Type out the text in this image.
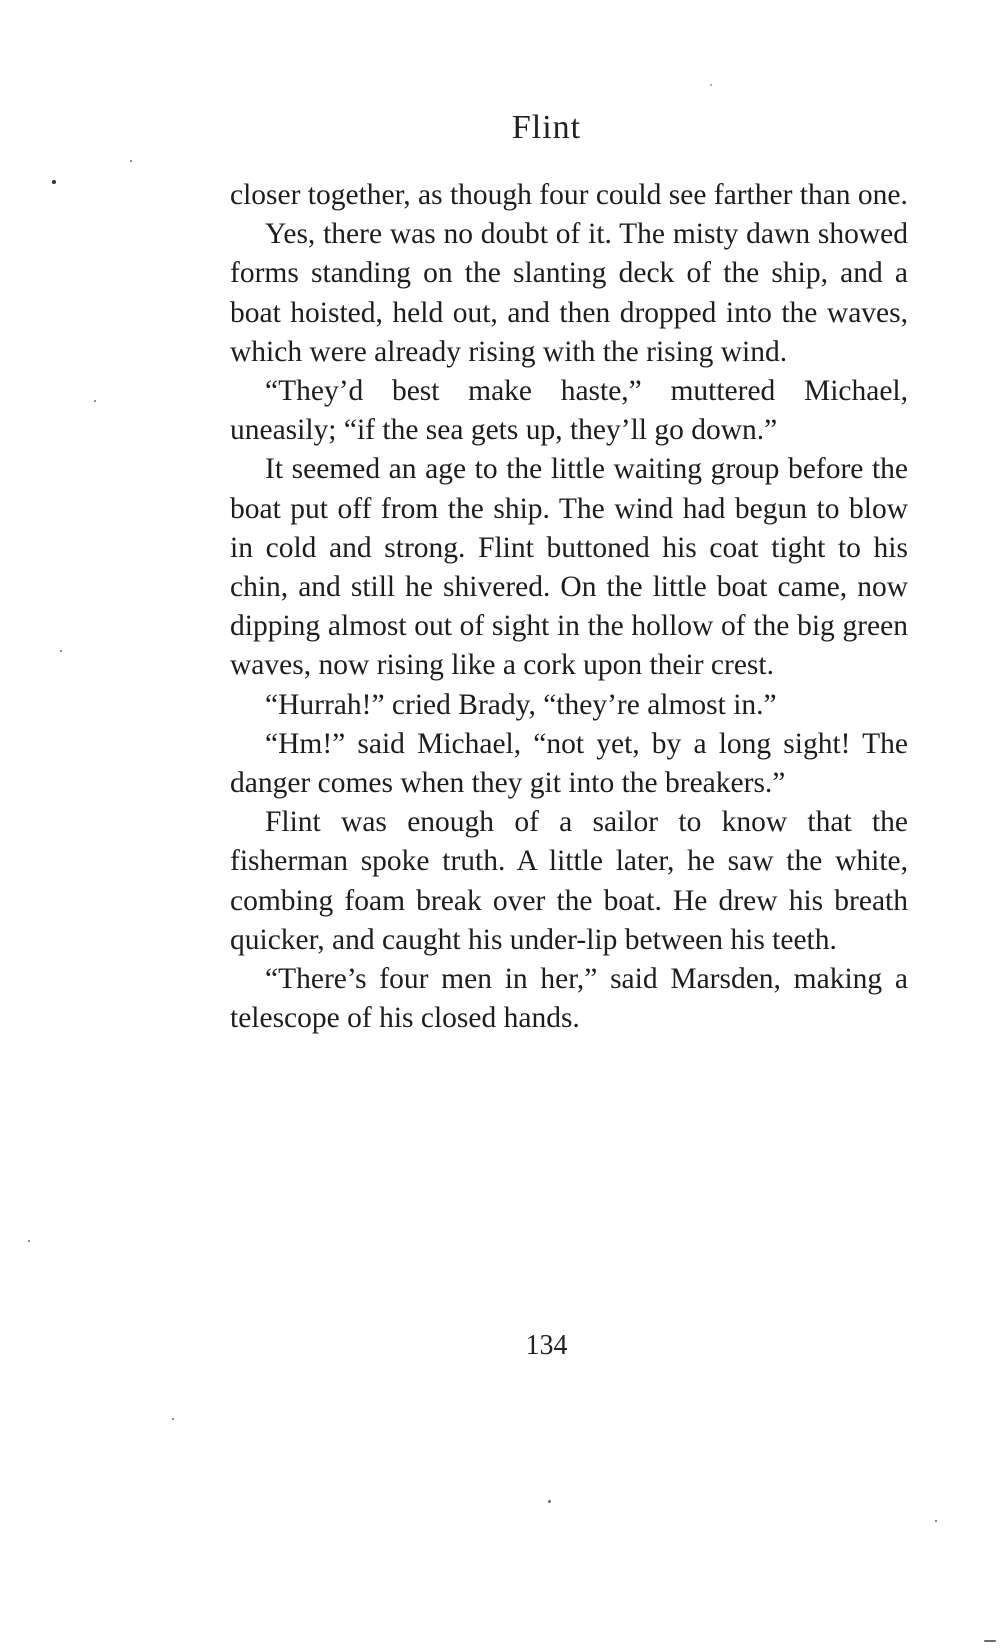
Flint

closer together, as though four could see farther than one.

Yes, there was no doubt of it. The misty dawn showed forms standing on the slanting deck of the ship, and a boat hoisted, held out, and then dropped into the waves, which were already rising with the rising wind.

“They’d best make haste,” muttered Michael, uneasily; “if the sea gets up, they’ll go down.”

It seemed an age to the little waiting group before the boat put off from the ship. The wind had begun to blow in cold and strong. Flint buttoned his coat tight to his chin, and still he shivered. On the little boat came, now dipping almost out of sight in the hollow of the big green waves, now rising like a cork upon their crest.

“Hurrah!” cried Brady, “they’re almost in.”

“Hm!” said Michael, “not yet, by a long sight! The danger comes when they git into the breakers.”

Flint was enough of a sailor to know that the fisherman spoke truth. A little later, he saw the white, combing foam break over the boat. He drew his breath quicker, and caught his under-lip between his teeth.

“There’s four men in her,” said Marsden, making a telescope of his closed hands.

134
